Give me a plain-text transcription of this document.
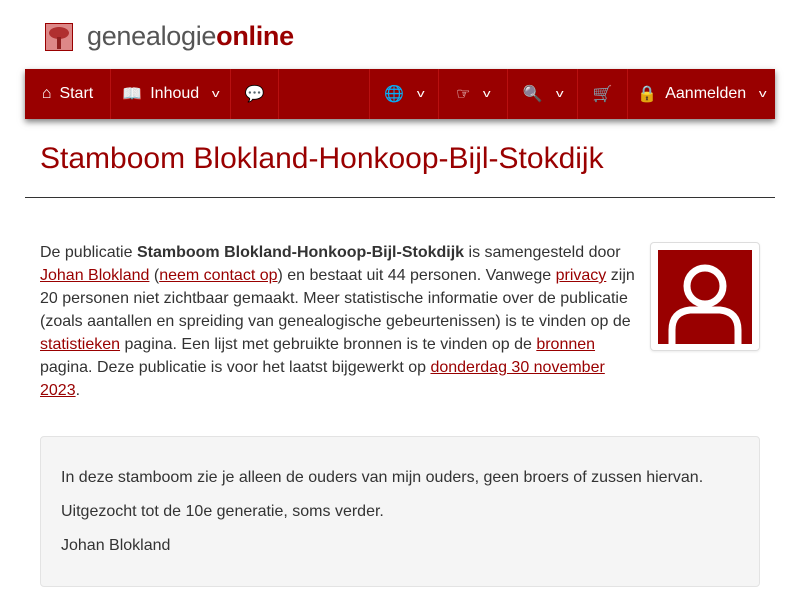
genealogieonline
⌂ Start 📖 Inhoud v 💬	🌐 v ☞ v 🔍 v 🛒 🔒 Aanmelden v
Stamboom Blokland-Honkoop-Bijl-Stokdijk
De publicatie Stamboom Blokland-Honkoop-Bijl-Stokdijk is samengesteld door Johan Blokland (neem contact op) en bestaat uit 44 personen. Vanwege privacy zijn 20 personen niet zichtbaar gemaakt. Meer statistische informatie over de publicatie (zoals aantallen en spreiding van genealogische gebeurtenissen) is te vinden op de statistieken pagina. Een lijst met gebruikte bronnen is te vinden op de bronnen pagina. Deze publicatie is voor het laatst bijgewerkt op donderdag 30 november 2023.

In deze stamboom zie je alleen de ouders van mijn ouders, geen broers of zussen hiervan.

Uitgezocht tot de 10e generatie, soms verder.

Johan Blokland
